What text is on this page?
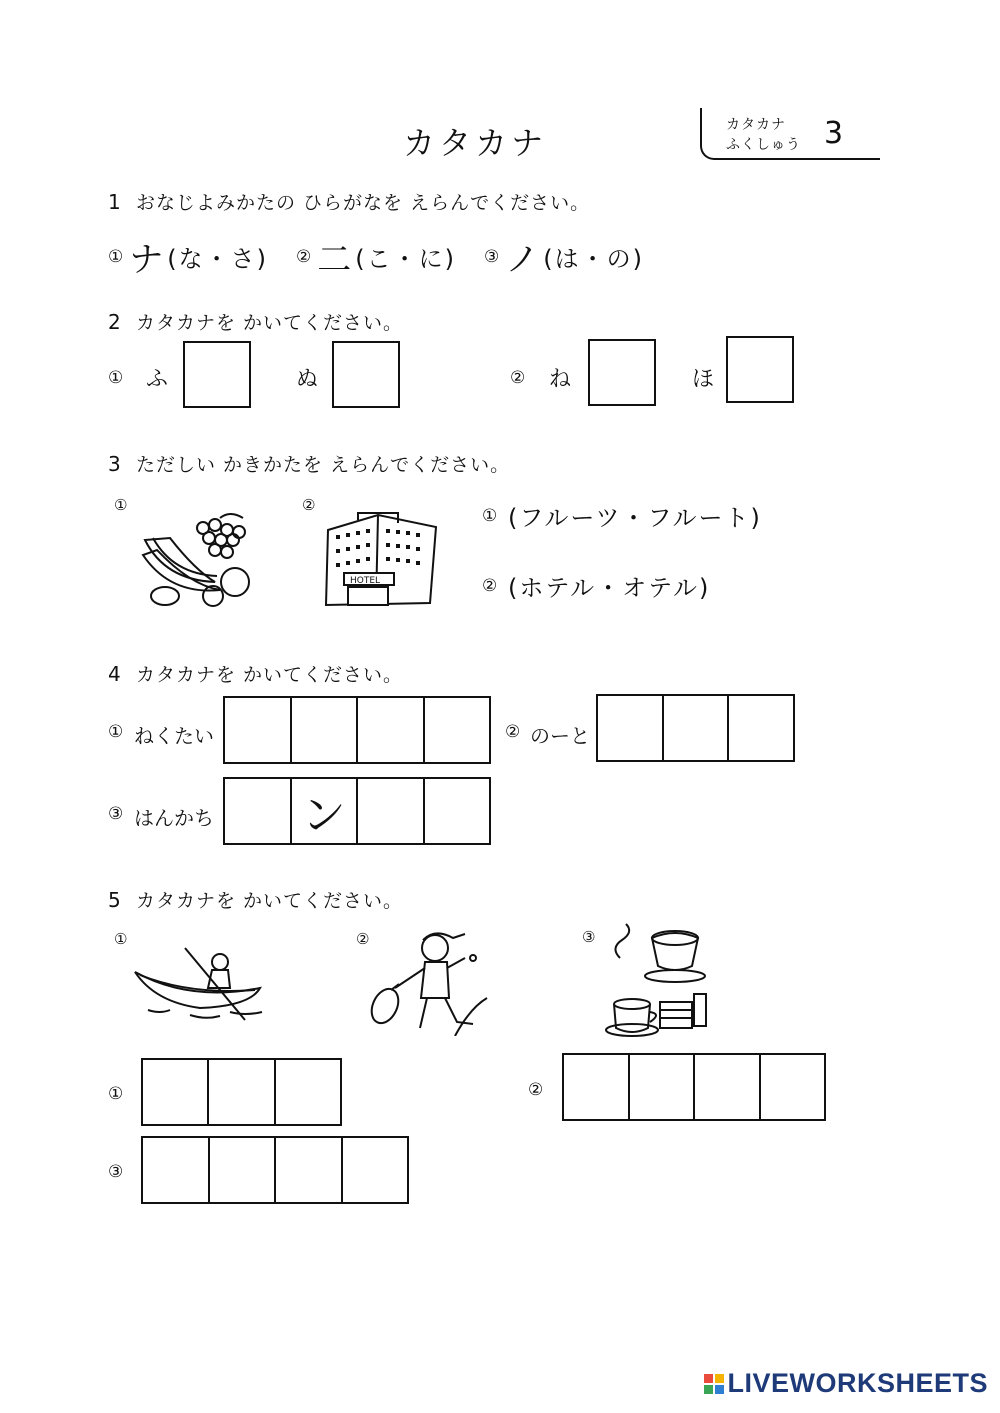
カタカナ	カタカナ
ふくしゅう 3
1 おなじよみかたの ひらがなを えらんでください。
① ナ (な・さ) ② 二 (こ・に) ③ ノ (は・の)
2 カタカナを かいてください。
① ふ	ぬ	② ね	ほ
3 ただしい かきかたを えらんでください。
①	②
HOTEL
① (フルーツ・フルート)
② (ホテル・オテル)
4 カタカナを かいてください。
① ねくたい	② のーと
③ はんかち ン
5 カタカナを かいてください。
①	②	③
①	②
③
LIVEWORKSHEETS
